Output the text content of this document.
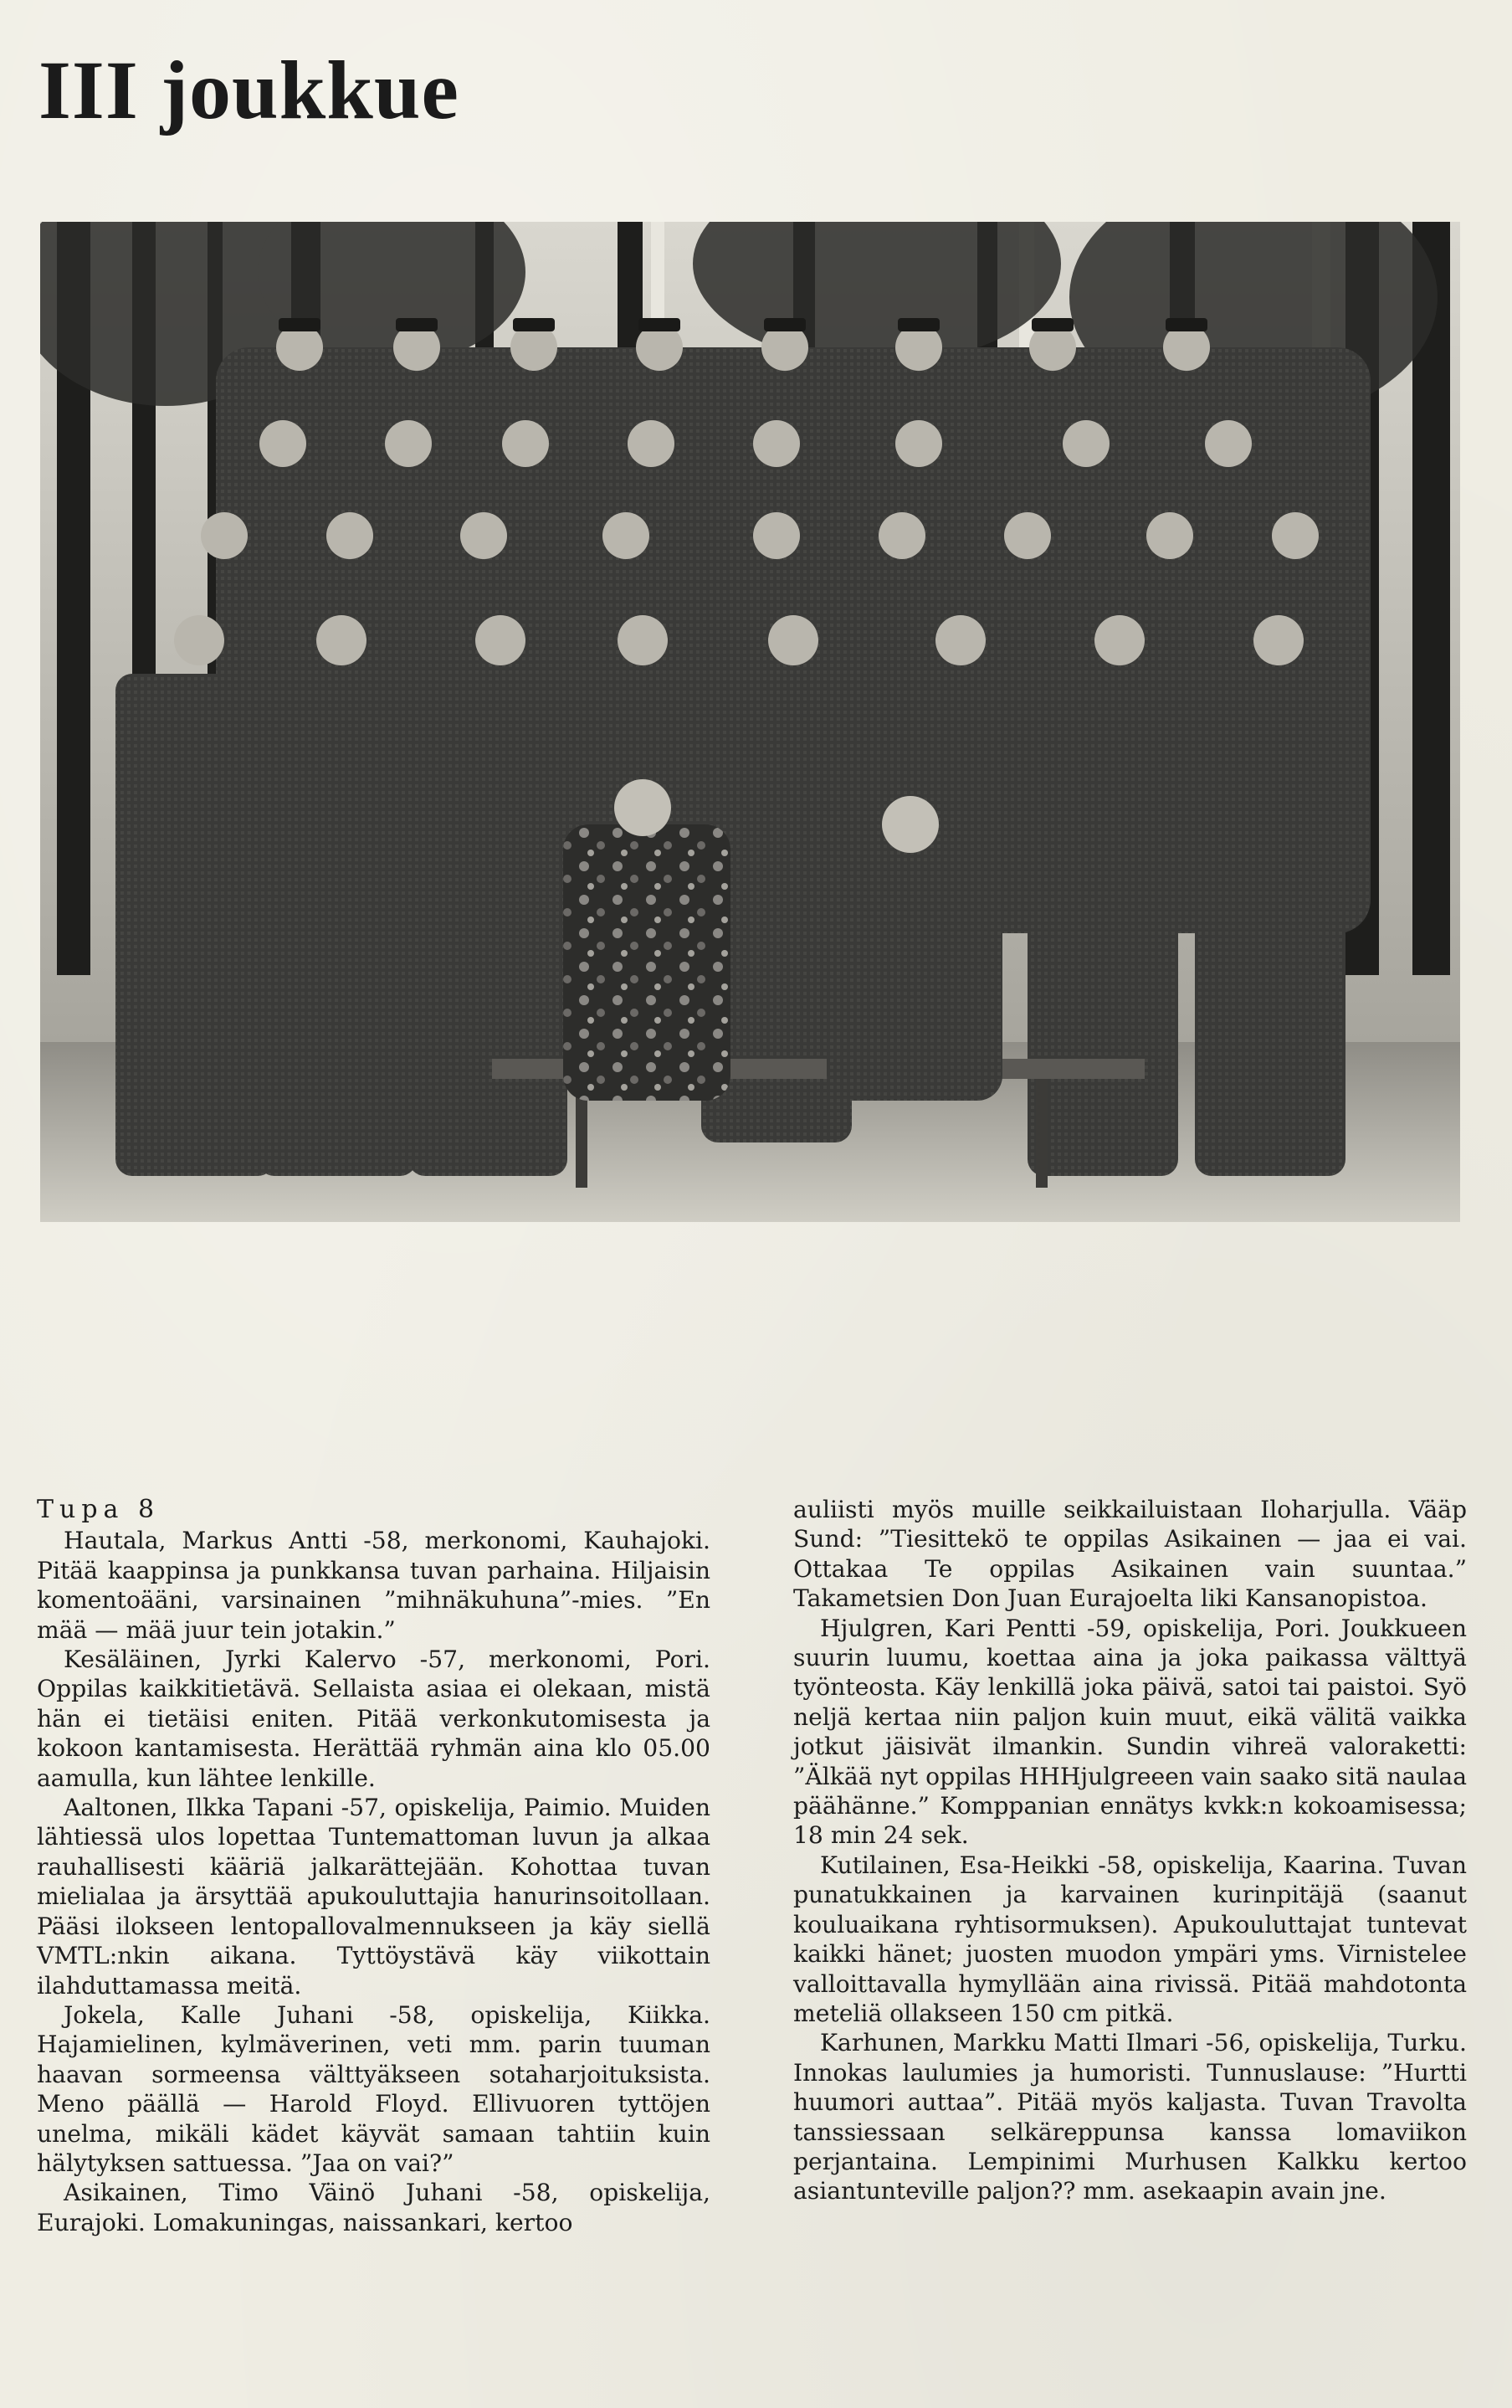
III joukkue
Tupa 8

Hautala, Markus Antti -58, merkonomi, Kauhajoki. Pitää kaappinsa ja punkkansa tuvan parhaina. Hiljaisin komentoääni, varsinainen ”mihnäkuhuna”-mies. ”En mää — mää juur tein jotakin.”

Kesäläinen, Jyrki Kalervo -57, merkonomi, Pori. Oppilas kaikkitietävä. Sellaista asiaa ei olekaan, mistä hän ei tietäisi eniten. Pitää verkonkutomisesta ja kokoon kantamisesta. Herättää ryhmän aina klo 05.00 aamulla, kun lähtee lenkille.

Aaltonen, Ilkka Tapani -57, opiskelija, Paimio. Muiden lähtiessä ulos lopettaa Tuntemattoman luvun ja alkaa rauhallisesti kääriä jalkarättejään. Kohottaa tuvan mielialaa ja ärsyttää apukouluttajia hanurinsoitollaan. Pääsi ilokseen lentopallovalmennukseen ja käy siellä VMTL:nkin aikana. Tyttöystävä käy viikottain ilahduttamassa meitä.

Jokela, Kalle Juhani -58, opiskelija, Kiikka. Hajamielinen, kylmäverinen, veti mm. parin tuuman haavan sormeensa välttyäkseen sotaharjoituksista. Meno päällä — Harold Floyd. Ellivuoren tyttöjen unelma, mikäli kädet käyvät samaan tahtiin kuin hälytyksen sattuessa. ”Jaa on vai?”

Asikainen, Timo Väinö Juhani -58, opiskelija, Eurajoki. Lomakuningas, naissankari, kertoo

auliisti myös muille seikkailuistaan Iloharjulla. Vääp Sund: ”Tiesittekö te oppilas Asikainen — jaa ei vai. Ottakaa Te oppilas Asikainen vain suuntaa.” Takametsien Don Juan Eurajoelta liki Kansanopistoa.

Hjulgren, Kari Pentti -59, opiskelija, Pori. Joukkueen suurin luumu, koettaa aina ja joka paikassa välttyä työnteosta. Käy lenkillä joka päivä, satoi tai paistoi. Syö neljä kertaa niin paljon kuin muut, eikä välitä vaikka jotkut jäisivät ilmankin. Sundin vihreä valoraketti: ”Älkää nyt oppilas HHHjulgreeen vain saako sitä naulaa päähänne.” Komppanian ennätys kvkk:n kokoamisessa; 18 min 24 sek.

Kutilainen, Esa-Heikki -58, opiskelija, Kaarina. Tuvan punatukkainen ja karvainen kurinpitäjä (saanut kouluaikana ryhtisormuksen). Apukouluttajat tuntevat kaikki hänet; juosten muodon ympäri yms. Virnistelee valloittavalla hymyllään aina rivissä. Pitää mahdotonta meteliä ollakseen 150 cm pitkä.

Karhunen, Markku Matti Ilmari -56, opiskelija, Turku. Innokas laulumies ja humoristi. Tunnuslause: ”Hurtti huumori auttaa”. Pitää myös kaljasta. Tuvan Travolta tanssiessaan selkäreppunsa kanssa lomaviikon perjantaina. Lempinimi Murhusen Kalkku kertoo asiantunteville paljon?? mm. asekaapin avain jne.
